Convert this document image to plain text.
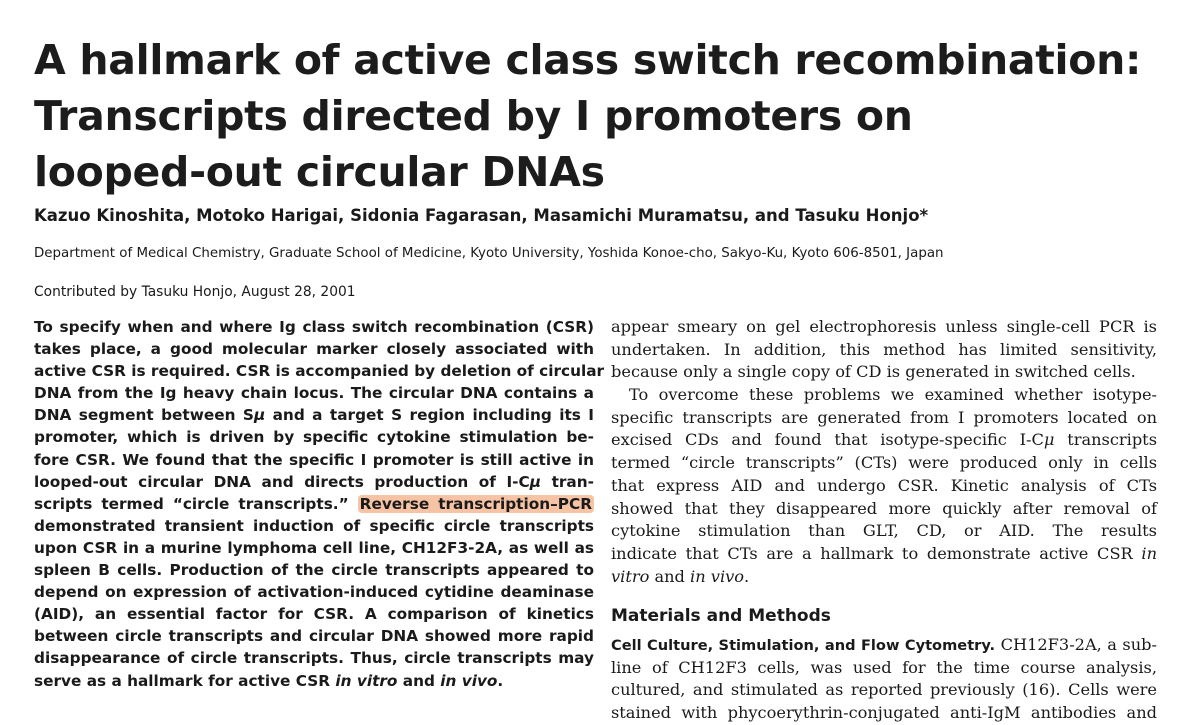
A hallmark of active class switch recombination:
Transcripts directed by I promoters on
looped-out circular DNAs
Kazuo Kinoshita, Motoko Harigai, Sidonia Fagarasan, Masamichi Muramatsu, and Tasuku Honjo*
Department of Medical Chemistry, Graduate School of Medicine, Kyoto University, Yoshida Konoe-cho, Sakyo-Ku, Kyoto 606-8501, Japan
Contributed by Tasuku Honjo, August 28, 2001
To specify when and where Ig class switch recombination (CSR)
takes place, a good molecular marker closely associated with
active CSR is required. CSR is accompanied by deletion of circular
DNA from the Ig heavy chain locus. The circular DNA contains a
DNA segment between Sμ and a target S region including its I
promoter, which is driven by specific cytokine stimulation be-
fore CSR. We found that the specific I promoter is still active in
looped-out circular DNA and directs production of I-Cμ tran-
scripts termed “circle transcripts.” Reverse transcription–PCR
demonstrated transient induction of specific circle transcripts
upon CSR in a murine lymphoma cell line, CH12F3-2A, as well as
spleen B cells. Production of the circle transcripts appeared to
depend on expression of activation-induced cytidine deaminase
(AID), an essential factor for CSR. A comparison of kinetics
between circle transcripts and circular DNA showed more rapid
disappearance of circle transcripts. Thus, circle transcripts may
serve as a hallmark for active CSR in vitro and in vivo.
appear smeary on gel electrophoresis unless single-cell PCR is
undertaken. In addition, this method has limited sensitivity,
because only a single copy of CD is generated in switched cells.
To overcome these problems we examined whether isotype-
specific transcripts are generated from I promoters located on
excised CDs and found that isotype-specific I-Cμ transcripts
termed “circle transcripts” (CTs) were produced only in cells
that express AID and undergo CSR. Kinetic analysis of CTs
showed that they disappeared more quickly after removal of
cytokine stimulation than GLT, CD, or AID. The results
indicate that CTs are a hallmark to demonstrate active CSR in
vitro and in vivo.
Materials and Methods
Cell Culture, Stimulation, and Flow Cytometry. CH12F3-2A, a sub-
line of CH12F3 cells, was used for the time course analysis,
cultured, and stimulated as reported previously (16). Cells were
stained with phycoerythrin-conjugated anti-IgM antibodies and
